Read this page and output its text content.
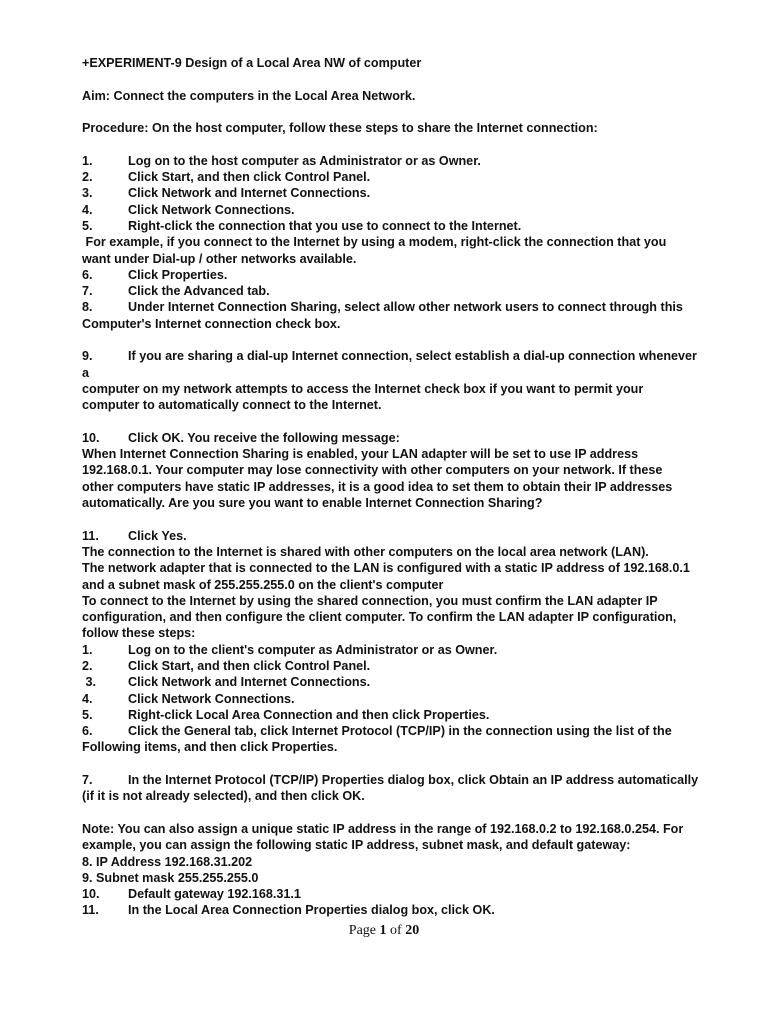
+EXPERIMENT-9 Design of a Local Area NW of computer

Aim: Connect the computers in the Local Area Network.

Procedure: On the host computer, follow these steps to share the Internet connection:

1.	Log on to the host computer as Administrator or as Owner.
2.	Click Start, and then click Control Panel.
3.	Click Network and Internet Connections.
4.	Click Network Connections.
5.	Right-click the connection that you use to connect to the Internet.

For example, if you connect to the Internet by using a modem, right-click the connection that you

want under Dial-up / other networks available.

6.	Click Properties.
7.	Click the Advanced tab.
8.	Under Internet Connection Sharing, select allow other network users to connect through this

Computer's Internet connection check box.

9.	If you are sharing a dial-up Internet connection, select establish a dial-up connection whenever

a

computer on my network attempts to access the Internet check box if you want to permit your

computer to automatically connect to the Internet.

10.	Click OK. You receive the following message:

When Internet Connection Sharing is enabled, your LAN adapter will be set to use IP address

192.168.0.1. Your computer may lose connectivity with other computers on your network. If these

other computers have static IP addresses, it is a good idea to set them to obtain their IP addresses

automatically. Are you sure you want to enable Internet Connection Sharing?

11.	Click Yes.

The connection to the Internet is shared with other computers on the local area network (LAN).

The network adapter that is connected to the LAN is configured with a static IP address of 192.168.0.1

and a subnet mask of 255.255.255.0 on the client's computer

To connect to the Internet by using the shared connection, you must confirm the LAN adapter IP

configuration, and then configure the client computer. To confirm the LAN adapter IP configuration,

follow these steps:

1.	Log on to the client's computer as Administrator or as Owner.
2.	Click Start, and then click Control Panel.
3.	Click Network and Internet Connections.
4.	Click Network Connections.
5.	Right-click Local Area Connection and then click Properties.
6.	Click the General tab, click Internet Protocol (TCP/IP) in the connection using the list of the

Following items, and then click Properties.

7.	In the Internet Protocol (TCP/IP) Properties dialog box, click Obtain an IP address automatically

(if it is not already selected), and then click OK.

Note: You can also assign a unique static IP address in the range of 192.168.0.2 to 192.168.0.254. For

example, you can assign the following static IP address, subnet mask, and default gateway:

8. IP Address 192.168.31.202

9. Subnet mask 255.255.255.0

10.	Default gateway 192.168.31.1
11.	In the Local Area Connection Properties dialog box, click OK.
Page 1 of 20
